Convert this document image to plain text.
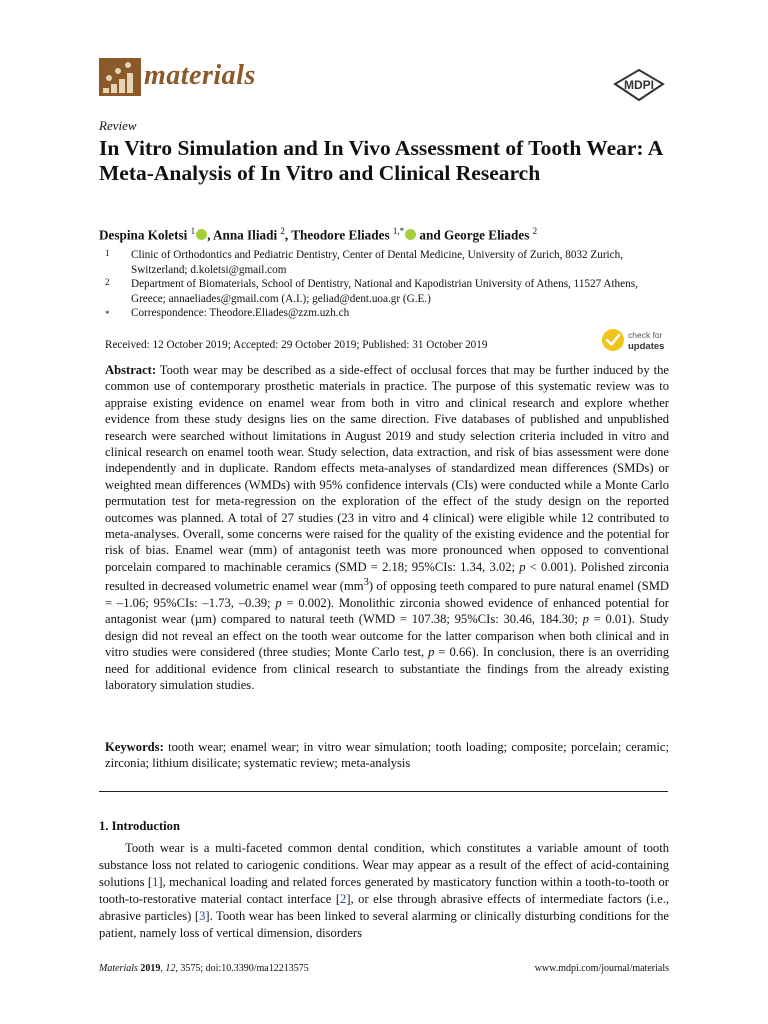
materials	MDPI
Review
In Vitro Simulation and In Vivo Assessment of Tooth Wear: A Meta-Analysis of In Vitro and Clinical Research
Despina Koletsi $^1$ , Anna Iliadi $^2$, Theodore Eliades $^{1,*}$ and George Eliades $^2$
1 Clinic of Orthodontics and Pediatric Dentistry, Center of Dental Medicine, University of Zurich, 8032 Zurich, Switzerland; d.koletsi@gmail.com
2 Department of Biomaterials, School of Dentistry, National and Kapodistrian University of Athens, 11527 Athens, Greece; annaeliades@gmail.com (A.I.); geliad@dent.uoa.gr (G.E.)
* Correspondence: Theodore.Eliades@zzm.uzh.ch
Received: 12 October 2019; Accepted: 29 October 2019; Published: 31 October 2019
check for
updates
Abstract: Tooth wear may be described as a side-effect of occlusal forces that may be further induced by the common use of contemporary prosthetic materials in practice. The purpose of this systematic review was to appraise existing evidence on enamel wear from both in vitro and clinical research and explore whether evidence from these study designs lies on the same direction. Five databases of published and unpublished research were searched without limitations in August 2019 and study selection criteria included in vitro and clinical research on enamel tooth wear. Study selection, data extraction, and risk of bias assessment were done independently and in duplicate. Random effects meta-analyses of standardized mean differences (SMDs) or weighted mean differences (WMDs) with 95% confidence intervals (CIs) were conducted while a Monte Carlo permutation test for meta-regression on the exploration of the effect of the study design on the reported outcomes was planned. A total of 27 studies (23 in vitro and 4 clinical) were eligible while 12 contributed to meta-analyses. Overall, some concerns were raised for the quality of the existing evidence and the potential for risk of bias. Enamel wear (mm) of antagonist teeth was more pronounced when opposed to conventional porcelain compared to machinable ceramics (SMD = 2.18; 95%CIs: 1.34, 3.02; p < 0.001). Polished zirconia resulted in decreased volumetric enamel wear $(mm^3)$ of opposing teeth compared to pure natural enamel (SMD = –1.06; 95%CIs: –1.73, –0.39; p = 0.002). Monolithic zirconia showed evidence of enhanced potential for antagonist wear (µm) compared to natural teeth (WMD = 107.38; 95%CIs: 30.46, 184.30; p = 0.01). Study design did not reveal an effect on the tooth wear outcome for the latter comparison when both clinical and in vitro studies were considered (three studies; Monte Carlo test, p = 0.66). In conclusion, there is an overriding need for additional evidence from clinical research to substantiate the findings from the already existing laboratory simulation studies.
Keywords: tooth wear; enamel wear; in vitro wear simulation; tooth loading; composite; porcelain; ceramic; zirconia; lithium disilicate; systematic review; meta-analysis
1. Introduction

Tooth wear is a multi-faceted common dental condition, which constitutes a variable amount of tooth substance loss not related to cariogenic conditions. Wear may appear as a result of the effect of acid-containing solutions [1], mechanical loading and related forces generated by masticatory function within a tooth-to-tooth or tooth-to-restorative material contact interface [2], or else through abrasive effects of intermediate factors (i.e., abrasive particles) [3]. Tooth wear has been linked to several alarming or clinically disturbing conditions for the patient, namely loss of vertical dimension, disorders

Materials 2019, 12, 3575; doi:10.3390/ma12213575	www.mdpi.com/journal/materials
